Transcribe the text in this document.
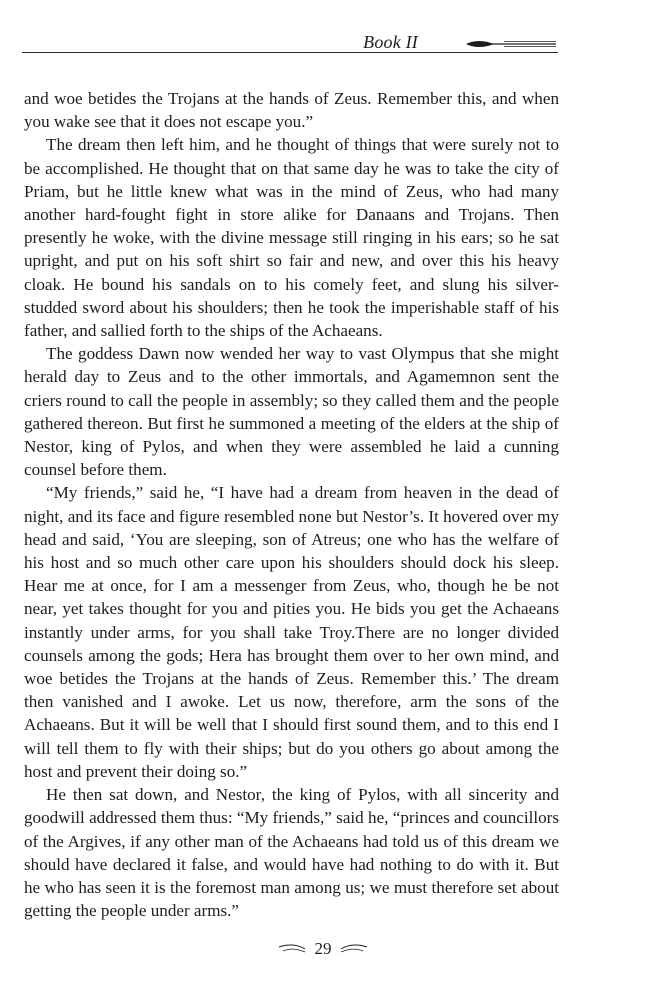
Book II

and woe betides the Trojans at the hands of Zeus. Remember this, and when you wake see that it does not escape you.”

The dream then left him, and he thought of things that were surely not to be accomplished. He thought that on that same day he was to take the city of Priam, but he little knew what was in the mind of Zeus, who had many another hard-fought fight in store alike for Danaans and Trojans. Then presently he woke, with the divine message still ringing in his ears; so he sat upright, and put on his soft shirt so fair and new, and over this his heavy cloak. He bound his sandals on to his comely feet, and slung his silver-studded sword about his shoulders; then he took the imperishable staff of his father, and sallied forth to the ships of the Achaeans.

The goddess Dawn now wended her way to vast Olympus that she might herald day to Zeus and to the other immortals, and Agamemnon sent the criers round to call the people in assembly; so they called them and the people gathered thereon. But first he summoned a meeting of the elders at the ship of Nestor, king of Pylos, and when they were assembled he laid a cunning counsel before them.

“My friends,” said he, “I have had a dream from heaven in the dead of night, and its face and figure resembled none but Nestor’s. It hovered over my head and said, ‘You are sleeping, son of Atreus; one who has the welfare of his host and so much other care upon his shoulders should dock his sleep. Hear me at once, for I am a messenger from Zeus, who, though he be not near, yet takes thought for you and pities you. He bids you get the Achaeans instantly under arms, for you shall take Troy.There are no longer divided counsels among the gods; Hera has brought them over to her own mind, and woe betides the Trojans at the hands of Zeus. Remember this.’ The dream then vanished and I awoke. Let us now, therefore, arm the sons of the Achaeans. But it will be well that I should first sound them, and to this end I will tell them to fly with their ships; but do you others go about among the host and prevent their doing so.”

He then sat down, and Nestor, the king of Pylos, with all sincerity and goodwill addressed them thus: “My friends,” said he, “princes and councillors of the Argives, if any other man of the Achaeans had told us of this dream we should have declared it false, and would have had nothing to do with it. But he who has seen it is the foremost man among us; we must therefore set about getting the people under arms.”

29
